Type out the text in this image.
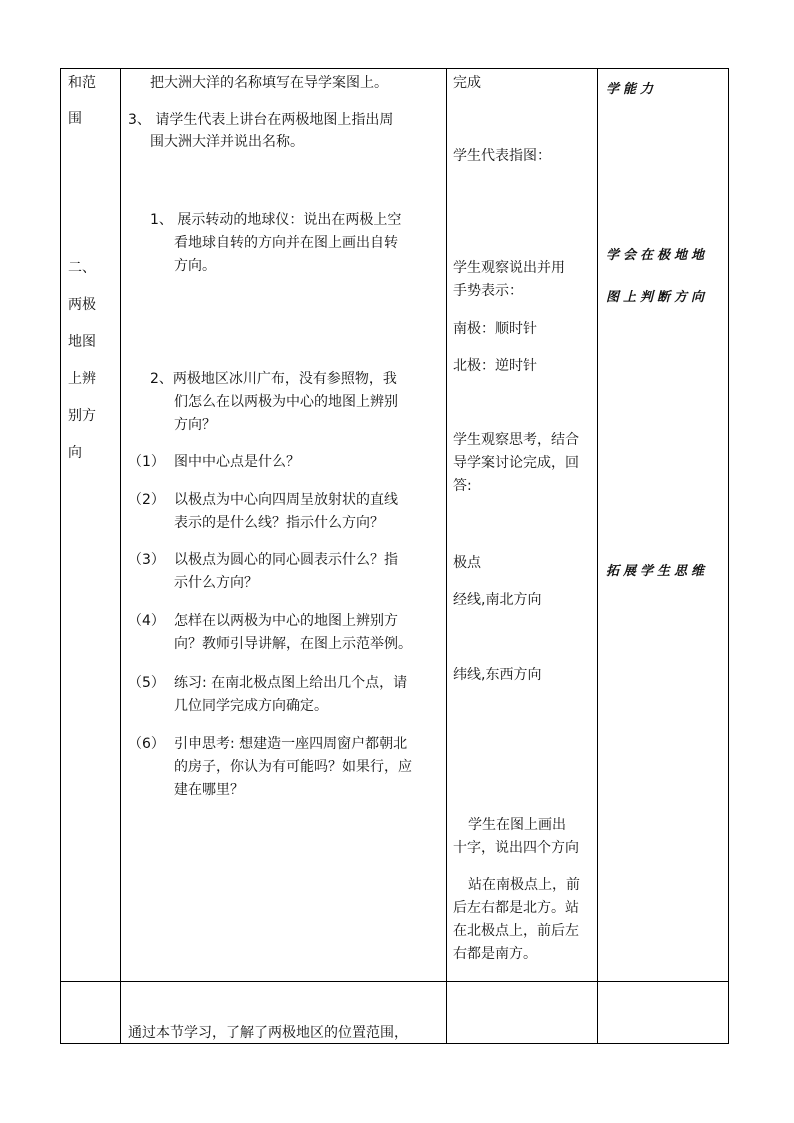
和范
围
二、
两极
地图
上辨
别方
向
把大洲大洋的名称填写在导学案图上。
3、 请学生代表上讲台在两极地图上指出周
围大洲大洋并说出名称。
1、 展示转动的地球仪：说出在两极上空
看地球自转的方向并在图上画出自转
方向。
2、两极地区冰川广布，没有参照物，我
们怎么在以两极为中心的地图上辨别
方向？
（1） 图中中心点是什么？
（2） 以极点为中心向四周呈放射状的直线
表示的是什么线？指示什么方向？
（3） 以极点为圆心的同心圆表示什么？指
示什么方向？
（4） 怎样在以两极为中心的地图上辨别方
向？教师引导讲解，在图上示范举例。
（5） 练习: 在南北极点图上给出几个点，请
几位同学完成方向确定。
（6） 引申思考: 想建造一座四周窗户都朝北
的房子，你认为有可能吗？如果行，应
建在哪里？
通过本节学习，了解了两极地区的位置范围，
完成
学生代表指图：
学生观察说出并用
手势表示：
南极：顺时针
北极：逆时针
学生观察思考，结合
导学案讨论完成，回
答:
极点
经线,南北方向
纬线,东西方向
学生在图上画出
十字，说出四个方向
站在南极点上，前
后左右都是北方。站
在北极点上，前后左
右都是南方。
学能力
学会在极地地
图上判断方向
拓展学生思维
